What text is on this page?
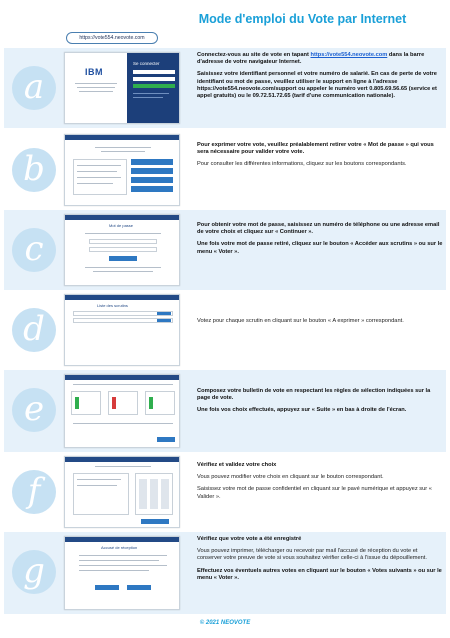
Mode d'emploi du Vote par Internet
https://vote554.neovote.com
a	IBM
Se connecter

Connectez-vous au site de vote en tapant https://vote554.neovote.com dans la barre d'adresse de votre navigateur Internet.

Saisissez votre identifiant personnel et votre numéro de salarié. En cas de perte de votre identifiant ou mot de passe, veuillez utiliser le support en ligne à l'adresse https://vote554.neovote.com/support ou appeler le numéro vert 0.805.69.56.65 (service et appel gratuits) ou le 09.72.51.72.65 (tarif d'une communication nationale).

b

Pour exprimer votre vote, veuillez préalablement retirer votre « Mot de passe » qui vous sera nécessaire pour valider votre vote.

Pour consulter les différentes informations, cliquez sur les boutons correspondants.

c
Mot de passe	Pour obtenir votre mot de passe, saisissez un numéro de téléphone ou une adresse email de votre choix et cliquez sur « Continuer ».

Une fois votre mot de passe retiré, cliquez sur le bouton « Accéder aux scrutins » ou sur le menu « Voter ».

d
Liste des scrutins

Votez pour chaque scrutin en cliquant sur le bouton « A exprimer » correspondant.

e	Composez votre bulletin de vote en respectant les règles de sélection indiquées sur la page de vote.

Une fois vos choix effectués, appuyez sur « Suite » en bas à droite de l'écran.

f

Vérifiez et validez votre choix

Vous pouvez modifier votre choix en cliquant sur le bouton correspondant.

Saisissez votre mot de passe confidentiel en cliquant sur le pavé numérique et appuyez sur « Valider ».

g
Accusé de réception

Vérifiez que votre vote a été enregistré

Vous pouvez imprimer, télécharger ou recevoir par mail l'accusé de réception du vote et conserver votre preuve de vote si vous souhaitez vérifier celle-ci à l'issue du dépouillement.

Effectuez vos éventuels autres votes en cliquant sur le bouton « Votes suivants » ou sur le menu « Voter ».

© 2021 NEOVOTE
